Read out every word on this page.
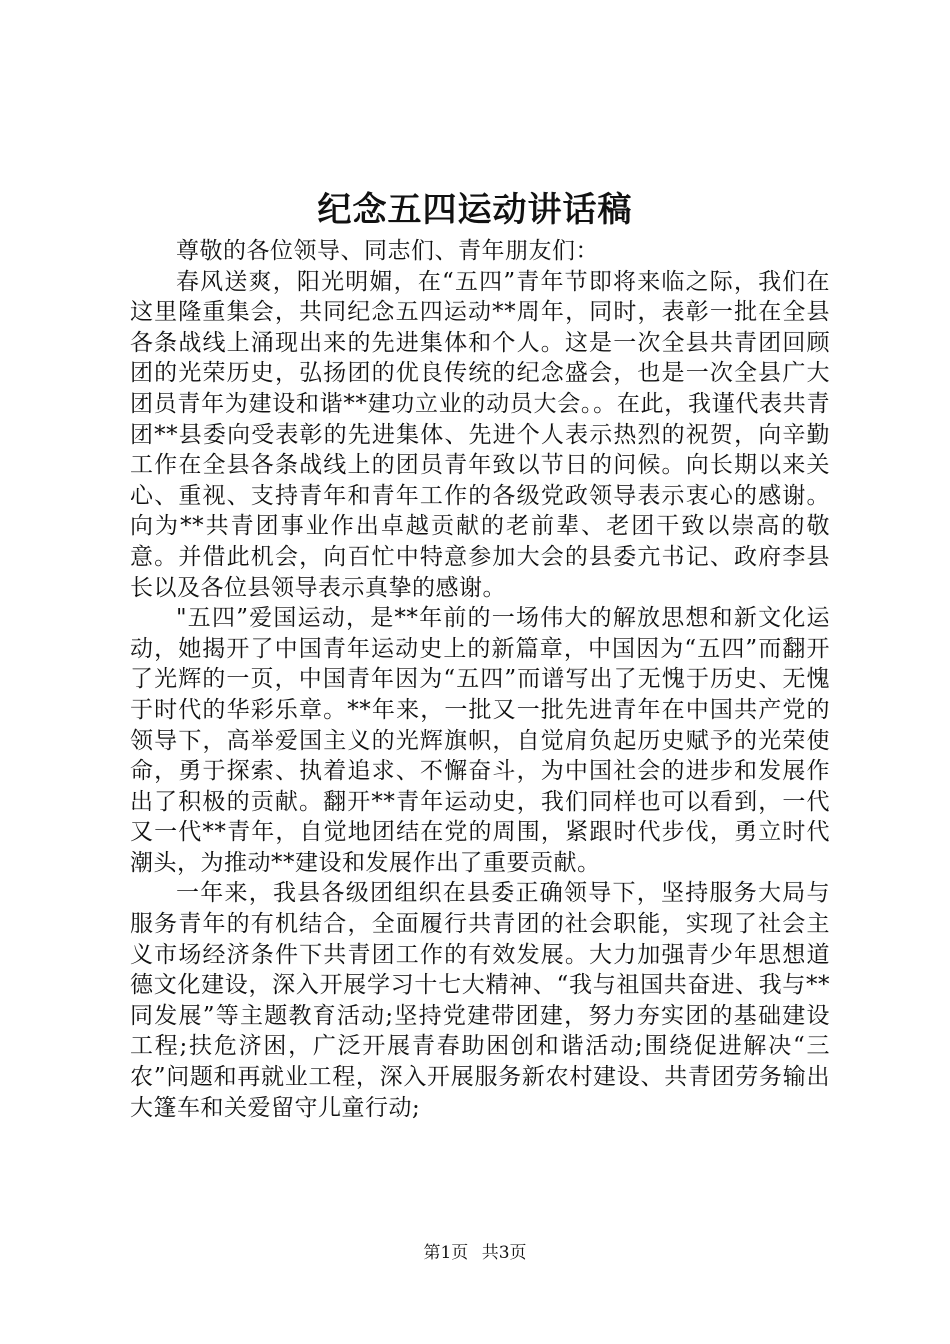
纪念五四运动讲话稿

尊敬的各位领导、同志们、青年朋友们：

春风送爽，阳光明媚，在“五四”青年节即将来临之际，我们在这里隆重集会，共同纪念五四运动**周年，同时，表彰一批在全县各条战线上涌现出来的先进集体和个人。这是一次全县共青团回顾团的光荣历史，弘扬团的优良传统的纪念盛会，也是一次全县广大团员青年为建设和谐**建功立业的动员大会。。在此，我谨代表共青团**县委向受表彰的先进集体、先进个人表示热烈的祝贺，向辛勤工作在全县各条战线上的团员青年致以节日的问候。向长期以来关心、重视、支持青年和青年工作的各级党政领导表示衷心的感谢。向为**共青团事业作出卓越贡献的老前辈、老团干致以崇高的敬意。并借此机会，向百忙中特意参加大会的县委亢书记、政府李县长以及各位县领导表示真挚的感谢。

"五四”爱国运动，是**年前的一场伟大的解放思想和新文化运动，她揭开了中国青年运动史上的新篇章，中国因为“五四”而翻开了光辉的一页，中国青年因为“五四”而谱写出了无愧于历史、无愧于时代的华彩乐章。**年来，一批又一批先进青年在中国共产党的领导下，高举爱国主义的光辉旗帜，自觉肩负起历史赋予的光荣使命，勇于探索、执着追求、不懈奋斗，为中国社会的进步和发展作出了积极的贡献。翻开**青年运动史，我们同样也可以看到，一代又一代**青年，自觉地团结在党的周围，紧跟时代步伐，勇立时代潮头，为推动**建设和发展作出了重要贡献。

一年来，我县各级团组织在县委正确领导下，坚持服务大局与服务青年的有机结合，全面履行共青团的社会职能，实现了社会主义市场经济条件下共青团工作的有效发展。大力加强青少年思想道德文化建设，深入开展学习十七大精神、“我与祖国共奋进、我与**同发展”等主题教育活动;坚持党建带团建，努力夯实团的基础建设工程;扶危济困，广泛开展青春助困创和谐活动;围绕促进解决“三农”问题和再就业工程，深入开展服务新农村建设、共青团劳务输出大篷车和关爱留守儿童行动;

第1页 共3页
